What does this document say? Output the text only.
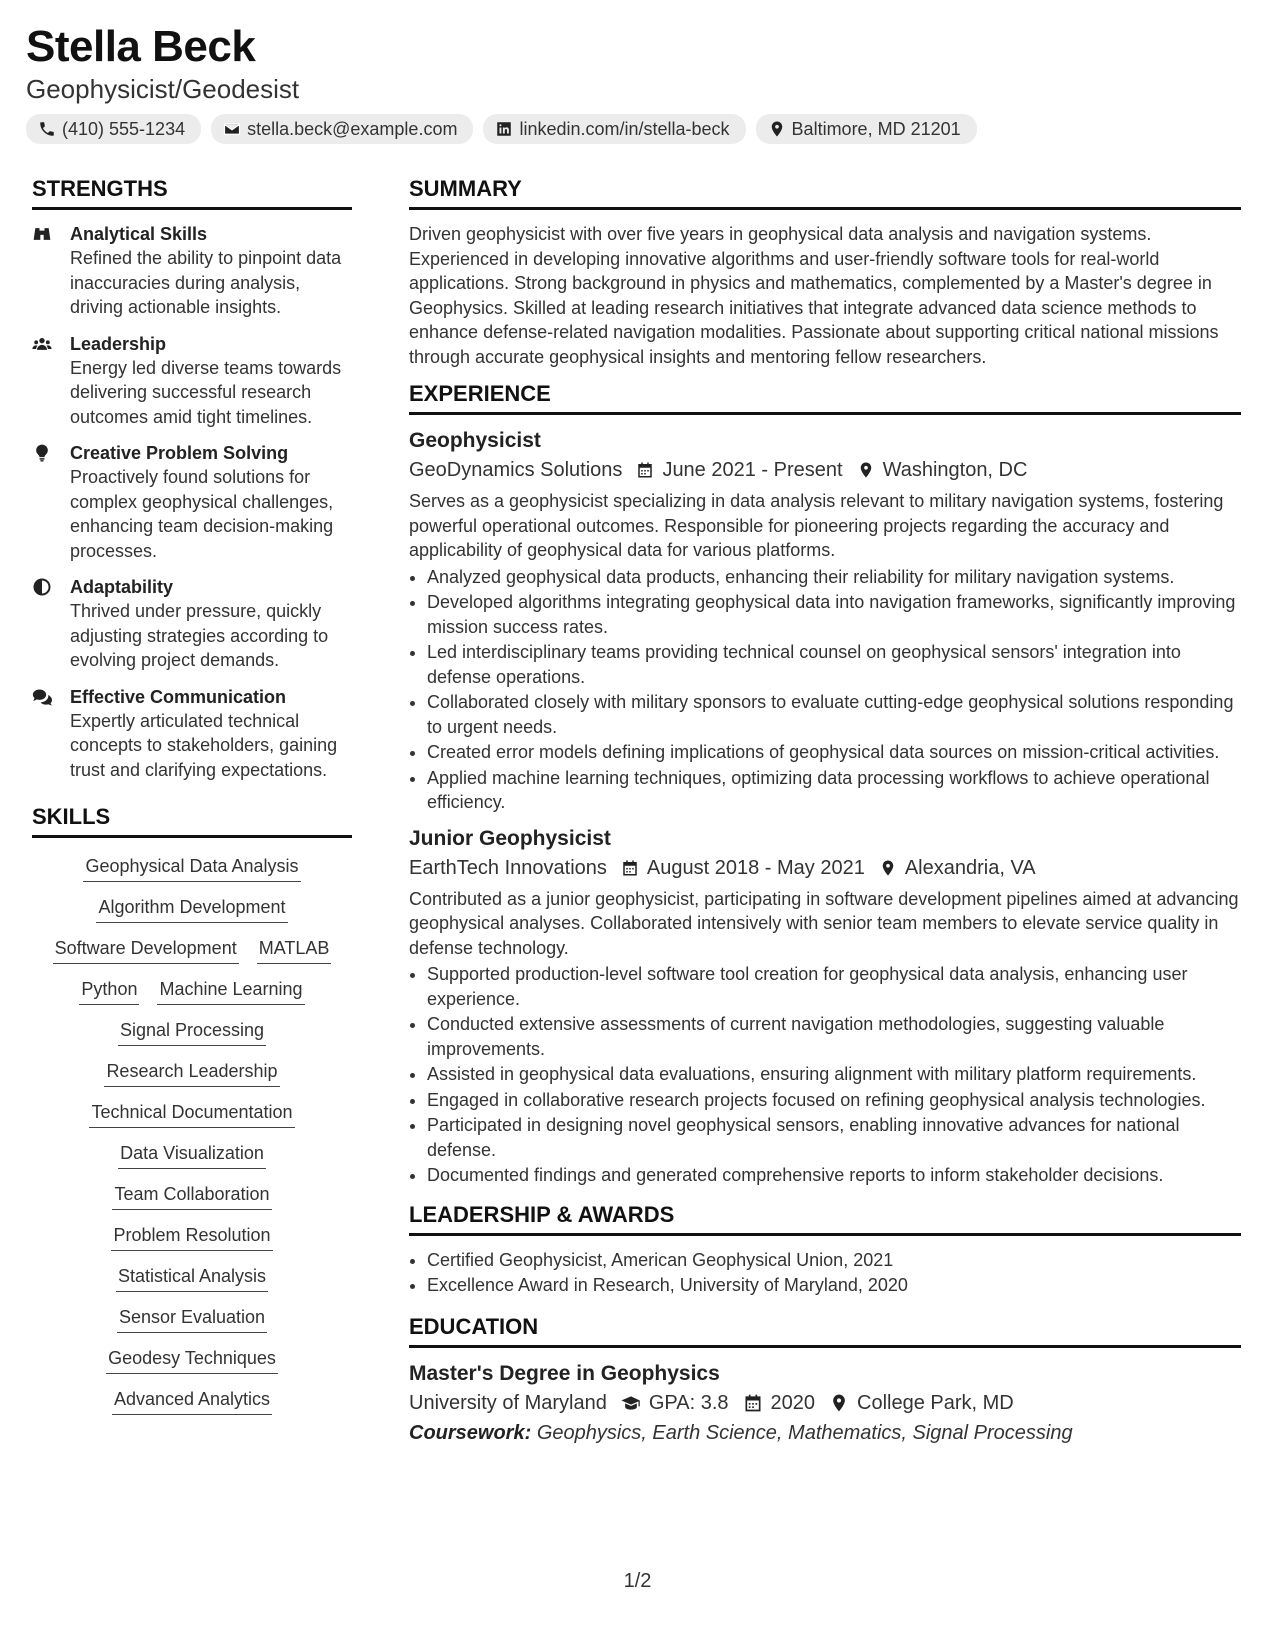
Stella Beck
Geophysicist/Geodesist
(410) 555-1234	stella.beck@example.com	linkedin.com/in/stella-beck	Baltimore, MD 21201
STRENGTHS
Analytical Skills
Refined the ability to pinpoint data inaccuracies during analysis, driving actionable insights.
Leadership
Energy led diverse teams towards delivering successful research outcomes amid tight timelines.
Creative Problem Solving
Proactively found solutions for complex geophysical challenges, enhancing team decision-making processes.
Adaptability
Thrived under pressure, quickly adjusting strategies according to evolving project demands.
Effective Communication
Expertly articulated technical concepts to stakeholders, gaining trust and clarifying expectations.
SKILLS
Geophysical Data Analysis
Algorithm Development
Software Development MATLAB
Python Machine Learning
Signal Processing
Research Leadership
Technical Documentation
Data Visualization
Team Collaboration
Problem Resolution
Statistical Analysis
Sensor Evaluation
Geodesy Techniques
Advanced Analytics
SUMMARY
Driven geophysicist with over five years in geophysical data analysis and navigation systems. Experienced in developing innovative algorithms and user-friendly software tools for real-world applications. Strong background in physics and mathematics, complemented by a Master's degree in Geophysics. Skilled at leading research initiatives that integrate advanced data science methods to enhance defense-related navigation modalities. Passionate about supporting critical national missions through accurate geophysical insights and mentoring fellow researchers.
EXPERIENCE
Geophysicist
GeoDynamics Solutions June 2021 - Present Washington, DC
Serves as a geophysicist specializing in data analysis relevant to military navigation systems, fostering powerful operational outcomes. Responsible for pioneering projects regarding the accuracy and applicability of geophysical data for various platforms.
• Analyzed geophysical data products, enhancing their reliability for military navigation systems.
• Developed algorithms integrating geophysical data into navigation frameworks, significantly improving mission success rates.
• Led interdisciplinary teams providing technical counsel on geophysical sensors' integration into defense operations.
• Collaborated closely with military sponsors to evaluate cutting-edge geophysical solutions responding to urgent needs.
• Created error models defining implications of geophysical data sources on mission-critical activities.
• Applied machine learning techniques, optimizing data processing workflows to achieve operational efficiency.
Junior Geophysicist
EarthTech Innovations August 2018 - May 2021 Alexandria, VA
Contributed as a junior geophysicist, participating in software development pipelines aimed at advancing geophysical analyses. Collaborated intensively with senior team members to elevate service quality in defense technology.
• Supported production-level software tool creation for geophysical data analysis, enhancing user experience.
• Conducted extensive assessments of current navigation methodologies, suggesting valuable improvements.
• Assisted in geophysical data evaluations, ensuring alignment with military platform requirements.
• Engaged in collaborative research projects focused on refining geophysical analysis technologies.
• Participated in designing novel geophysical sensors, enabling innovative advances for national defense.
• Documented findings and generated comprehensive reports to inform stakeholder decisions.
LEADERSHIP & AWARDS
• Certified Geophysicist, American Geophysical Union, 2021
• Excellence Award in Research, University of Maryland, 2020
EDUCATION
Master's Degree in Geophysics
University of Maryland GPA: 3.8 2020 College Park, MD
Coursework: Geophysics, Earth Science, Mathematics, Signal Processing
1/2
